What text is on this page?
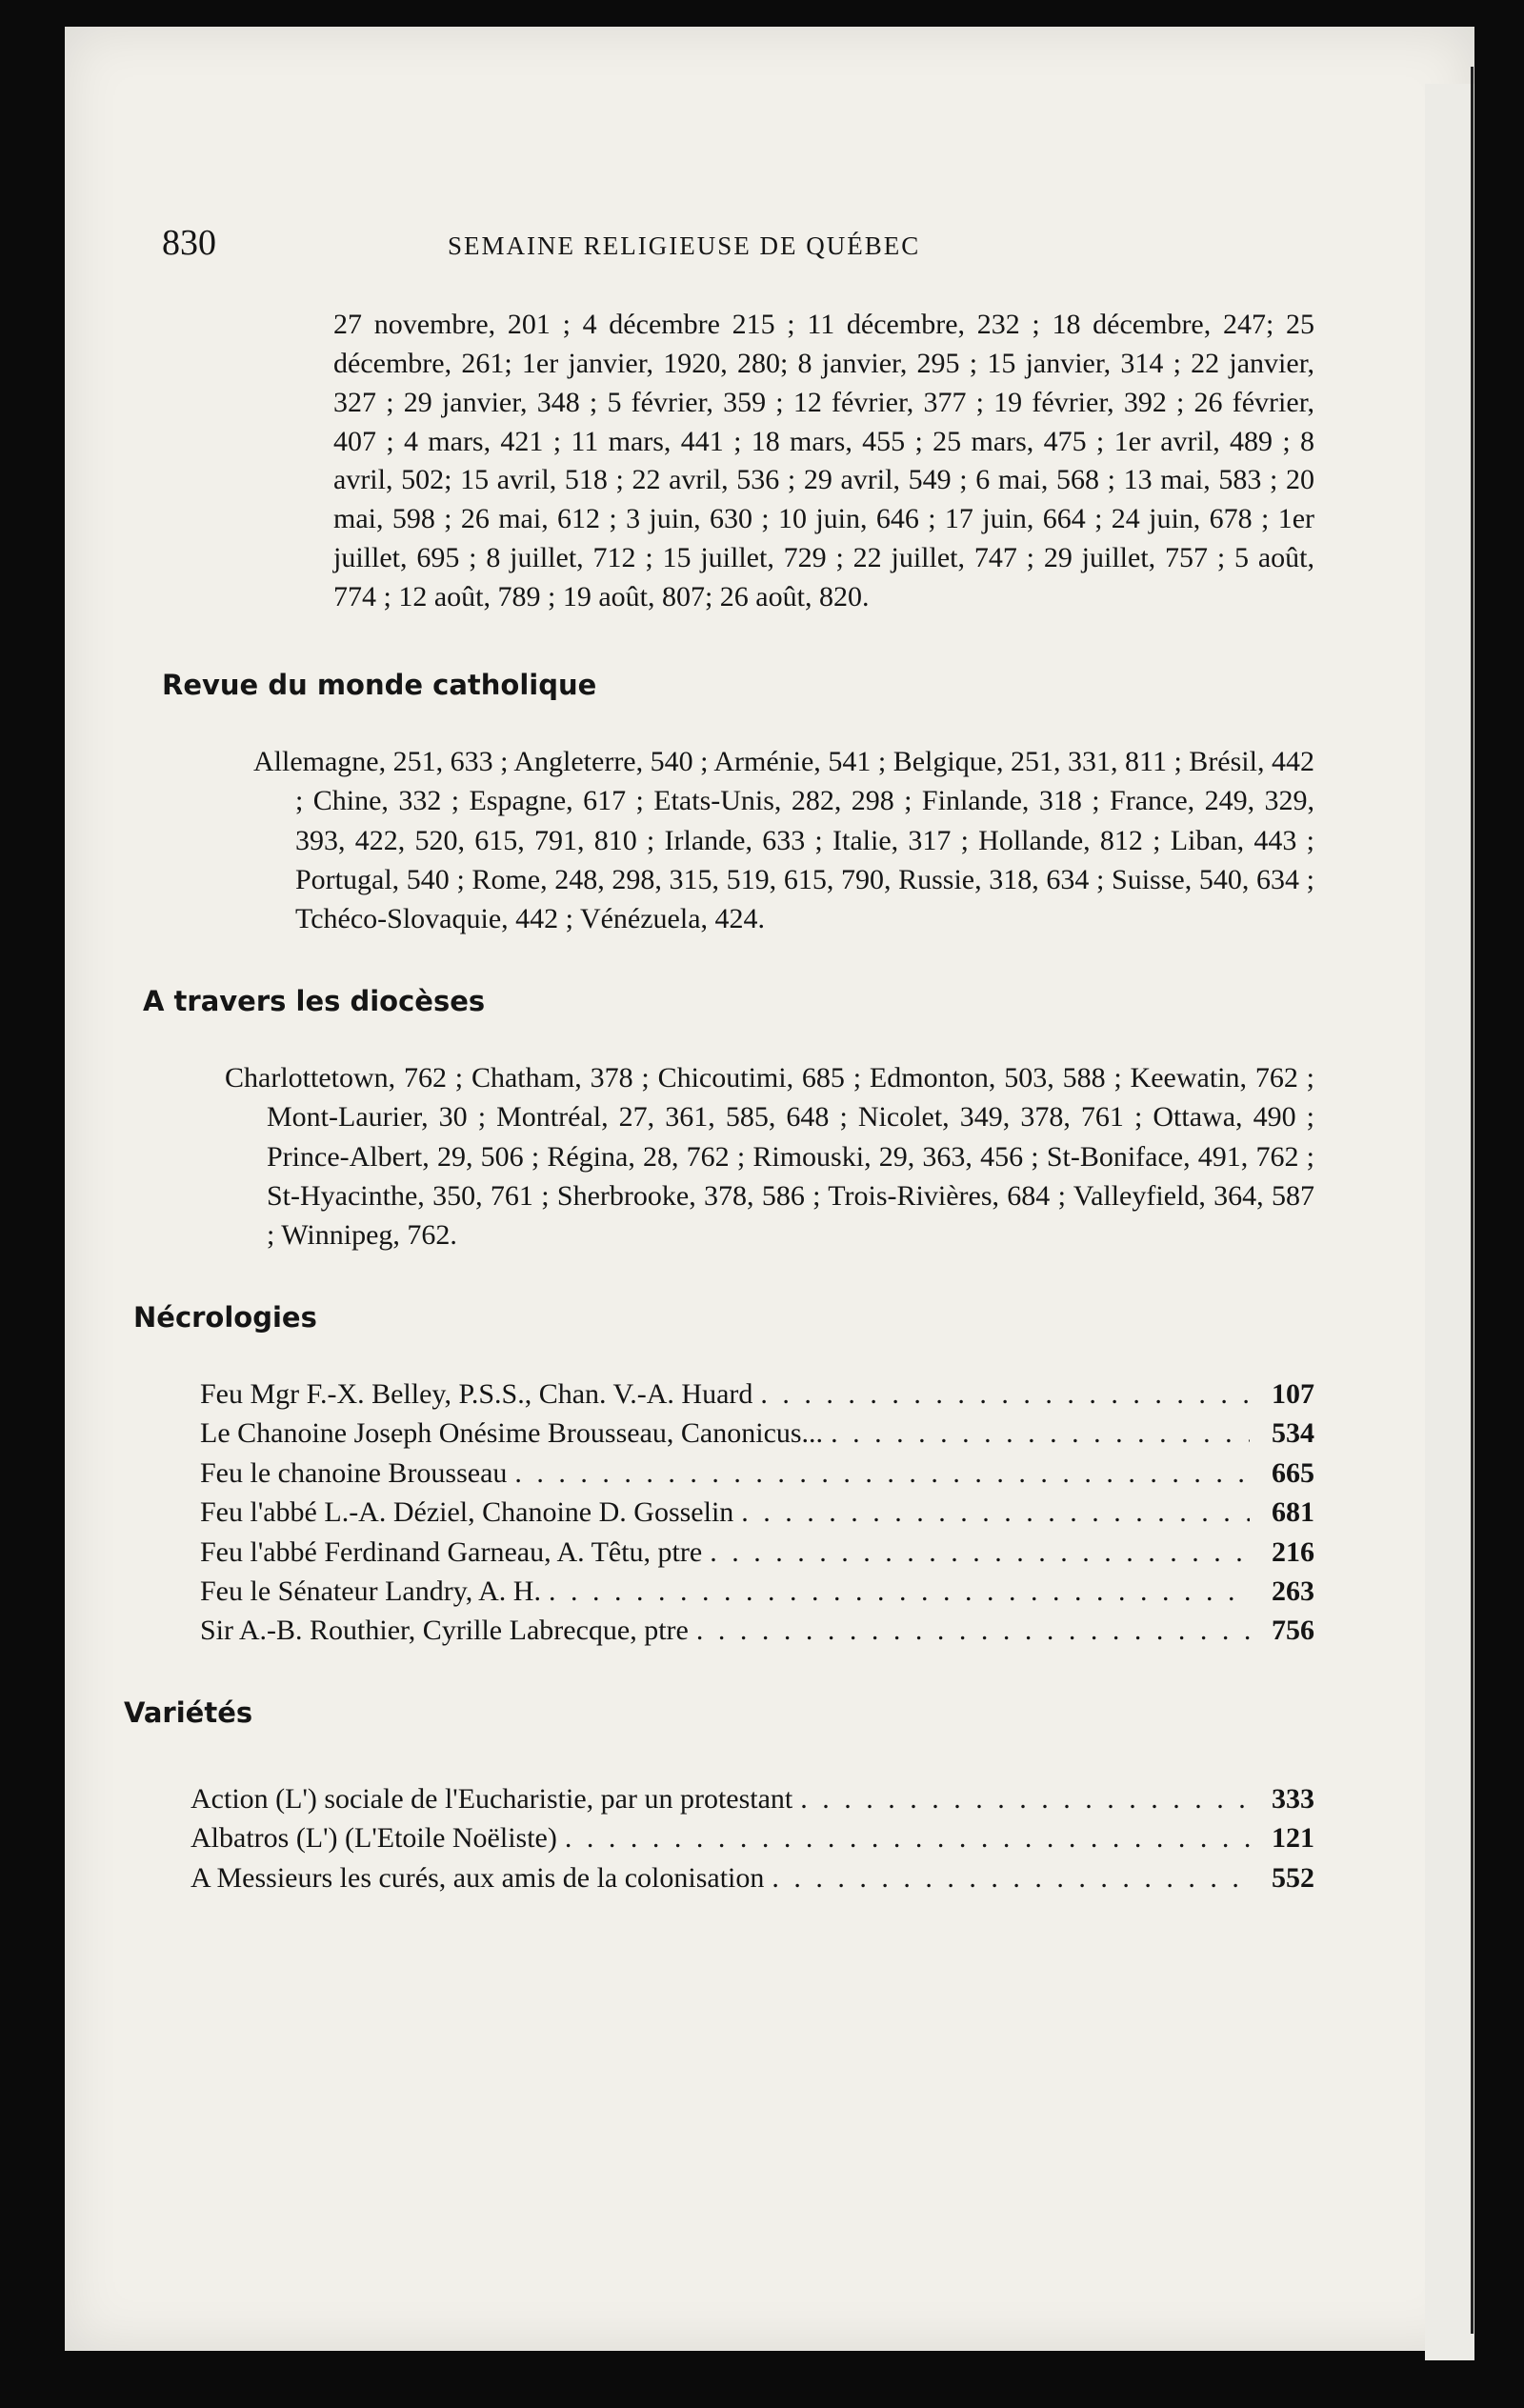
830	SEMAINE RELIGIEUSE DE QUÉBEC
27 novembre, 201 ; 4 décembre 215 ; 11 décembre, 232 ; 18 décembre, 247; 25 décembre, 261; 1er janvier, 1920, 280; 8 janvier, 295 ; 15 janvier, 314 ; 22 janvier, 327 ; 29 janvier, 348 ; 5 février, 359 ; 12 février, 377 ; 19 février, 392 ; 26 février, 407 ; 4 mars, 421 ; 11 mars, 441 ; 18 mars, 455 ; 25 mars, 475 ; 1er avril, 489 ; 8 avril, 502; 15 avril, 518 ; 22 avril, 536 ; 29 avril, 549 ; 6 mai, 568 ; 13 mai, 583 ; 20 mai, 598 ; 26 mai, 612 ; 3 juin, 630 ; 10 juin, 646 ; 17 juin, 664 ; 24 juin, 678 ; 1er juillet, 695 ; 8 juillet, 712 ; 15 juillet, 729 ; 22 juillet, 747 ; 29 juillet, 757 ; 5 août, 774 ; 12 août, 789 ; 19 août, 807; 26 août, 820.
Revue du monde catholique
Allemagne, 251, 633 ; Angleterre, 540 ; Arménie, 541 ; Belgique, 251, 331, 811 ; Brésil, 442 ; Chine, 332 ; Espagne, 617 ; Etats-Unis, 282, 298 ; Finlande, 318 ; France, 249, 329, 393, 422, 520, 615, 791, 810 ; Irlande, 633 ; Italie, 317 ; Hollande, 812 ; Liban, 443 ; Portugal, 540 ; Rome, 248, 298, 315, 519, 615, 790, Russie, 318, 634 ; Suisse, 540, 634 ; Tchéco-Slovaquie, 442 ; Vénézuela, 424.
A travers les diocèses
Charlottetown, 762 ; Chatham, 378 ; Chicoutimi, 685 ; Edmonton, 503, 588 ; Keewatin, 762 ; Mont-Laurier, 30 ; Montréal, 27, 361, 585, 648 ; Nicolet, 349, 378, 761 ; Ottawa, 490 ; Prince-Albert, 29, 506 ; Régina, 28, 762 ; Rimouski, 29, 363, 456 ; St-Boniface, 491, 762 ; St-Hyacinthe, 350, 761 ; Sherbrooke, 378, 586 ; Trois-Rivières, 684 ; Valleyfield, 364, 587 ; Winnipeg, 762.
Nécrologies
Feu Mgr F.-X. Belley, P.S.S., Chan. V.-A. Huard . . .	107
Le Chanoine Joseph Onésime Brousseau, Canonicus... . . .	534
Feu le chanoine Brousseau . . .	665
Feu l'abbé L.-A. Déziel, Chanoine D. Gosselin . . .	681
Feu l'abbé Ferdinand Garneau, A. Têtu, ptre . . .	216
Feu le Sénateur Landry, A. H. . . .	263
Sir A.-B. Routhier, Cyrille Labrecque, ptre . . .	756
Variétés
Action (L') sociale de l'Eucharistie, par un protestant . . .	333
Albatros (L') (L'Etoile Noëliste) . . .	121
A Messieurs les curés, aux amis de la colonisation . . .	552
